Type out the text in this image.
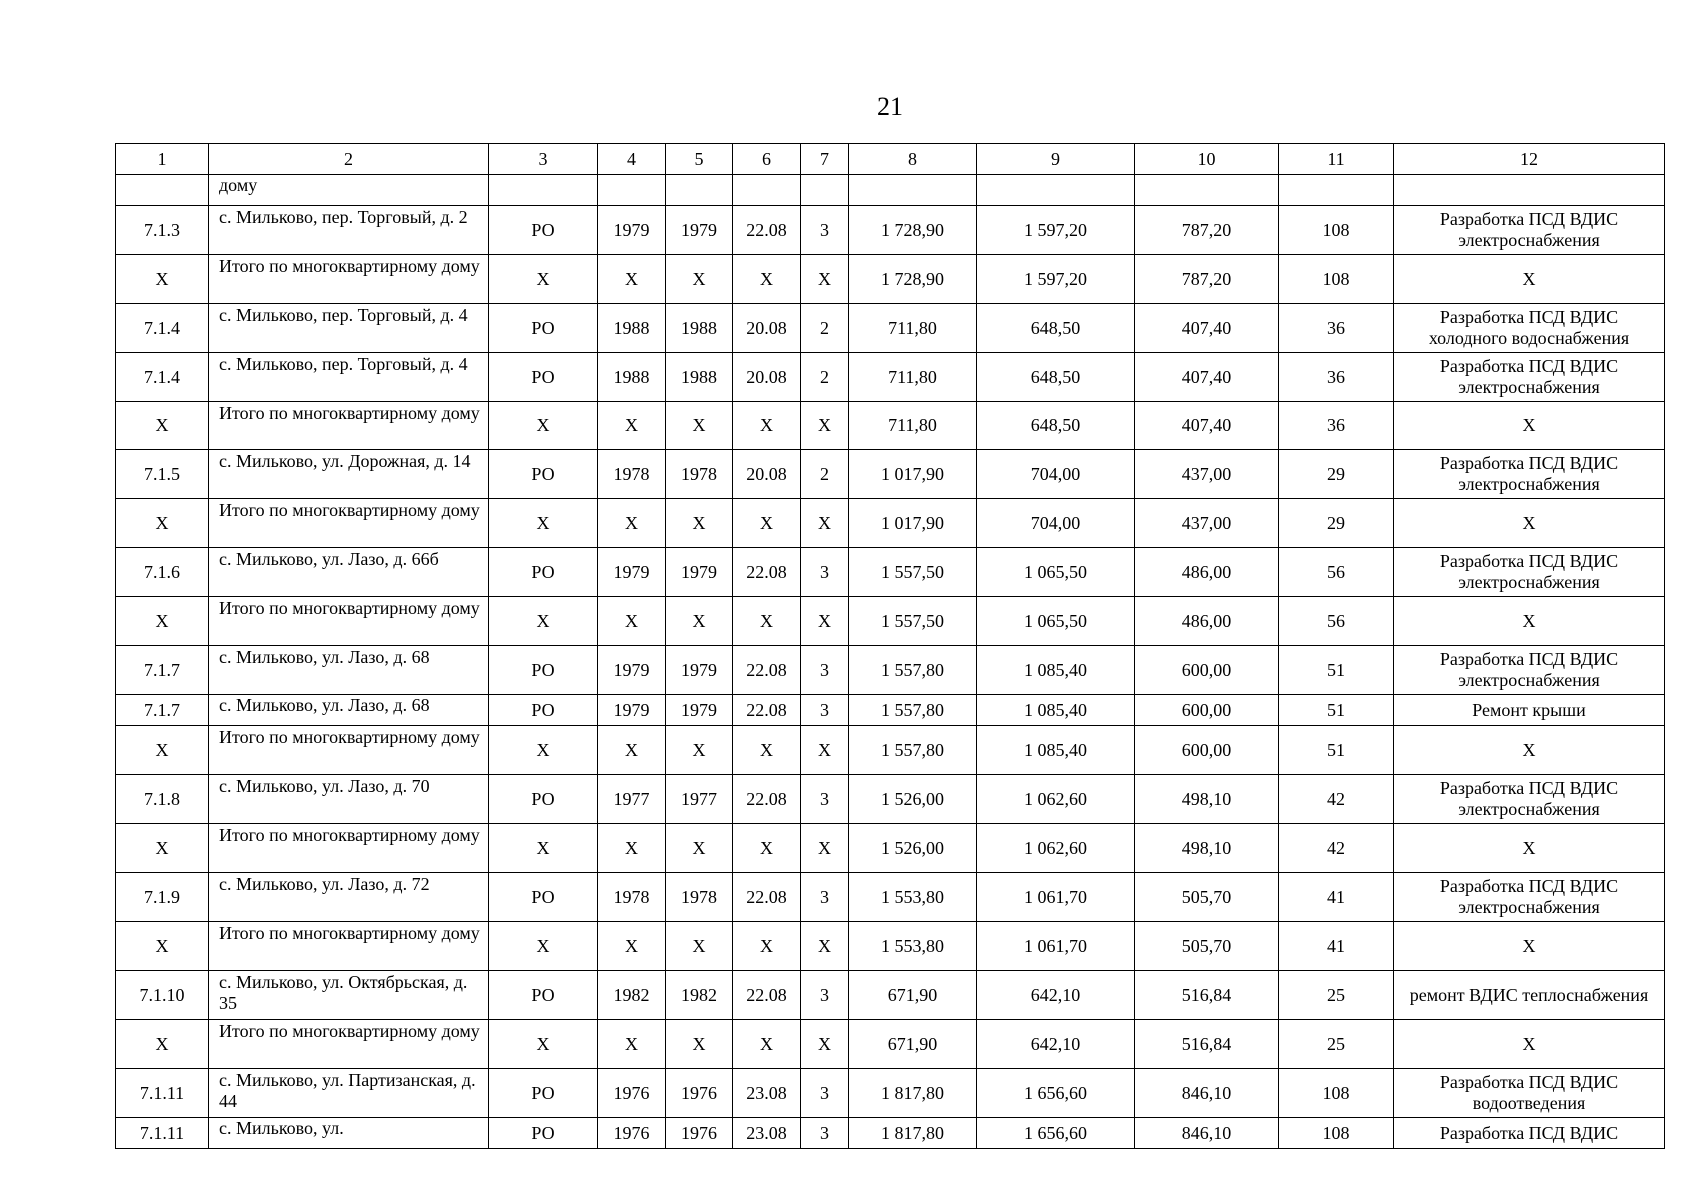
21
1	2	3	4	5	6	7	8	9	10	11	12
	дому										
7.1.3	с. Мильково, пер. Торговый, д. 2	РО	1979	1979	22.08	3	1 728,90	1 597,20	787,20	108	Разработка ПСД ВДИС электроснабжения
X	Итого по многоквартирному дому	X	X	X	X	X	1 728,90	1 597,20	787,20	108	X
7.1.4	с. Мильково, пер. Торговый, д. 4	РО	1988	1988	20.08	2	711,80	648,50	407,40	36	Разработка ПСД ВДИС холодного водоснабжения
7.1.4	с. Мильково, пер. Торговый, д. 4	РО	1988	1988	20.08	2	711,80	648,50	407,40	36	Разработка ПСД ВДИС электроснабжения
X	Итого по многоквартирному дому	X	X	X	X	X	711,80	648,50	407,40	36	X
7.1.5	с. Мильково, ул. Дорожная, д. 14	РО	1978	1978	20.08	2	1 017,90	704,00	437,00	29	Разработка ПСД ВДИС электроснабжения
X	Итого по многоквартирному дому	X	X	X	X	X	1 017,90	704,00	437,00	29	X
7.1.6	с. Мильково, ул. Лазо, д. 66б	РО	1979	1979	22.08	3	1 557,50	1 065,50	486,00	56	Разработка ПСД ВДИС электроснабжения
X	Итого по многоквартирному дому	X	X	X	X	X	1 557,50	1 065,50	486,00	56	X
7.1.7	с. Мильково, ул. Лазо, д. 68	РО	1979	1979	22.08	3	1 557,80	1 085,40	600,00	51	Разработка ПСД ВДИС электроснабжения
7.1.7	с. Мильково, ул. Лазо, д. 68	РО	1979	1979	22.08	3	1 557,80	1 085,40	600,00	51	Ремонт крыши
X	Итого по многоквартирному дому	X	X	X	X	X	1 557,80	1 085,40	600,00	51	X
7.1.8	с. Мильково, ул. Лазо, д. 70	РО	1977	1977	22.08	3	1 526,00	1 062,60	498,10	42	Разработка ПСД ВДИС электроснабжения
X	Итого по многоквартирному дому	X	X	X	X	X	1 526,00	1 062,60	498,10	42	X
7.1.9	с. Мильково, ул. Лазо, д. 72	РО	1978	1978	22.08	3	1 553,80	1 061,70	505,70	41	Разработка ПСД ВДИС электроснабжения
X	Итого по многоквартирному дому	X	X	X	X	X	1 553,80	1 061,70	505,70	41	X
7.1.10	с. Мильково, ул. Октябрьская, д. 35	РО	1982	1982	22.08	3	671,90	642,10	516,84	25	ремонт ВДИС теплоснабжения
X	Итого по многоквартирному дому	X	X	X	X	X	671,90	642,10	516,84	25	X
7.1.11	с. Мильково, ул. Партизанская, д. 44	РО	1976	1976	23.08	3	1 817,80	1 656,60	846,10	108	Разработка ПСД ВДИС водоотведения
7.1.11	с. Мильково, ул.	РО	1976	1976	23.08	3	1 817,80	1 656,60	846,10	108	Разработка ПСД ВДИС
